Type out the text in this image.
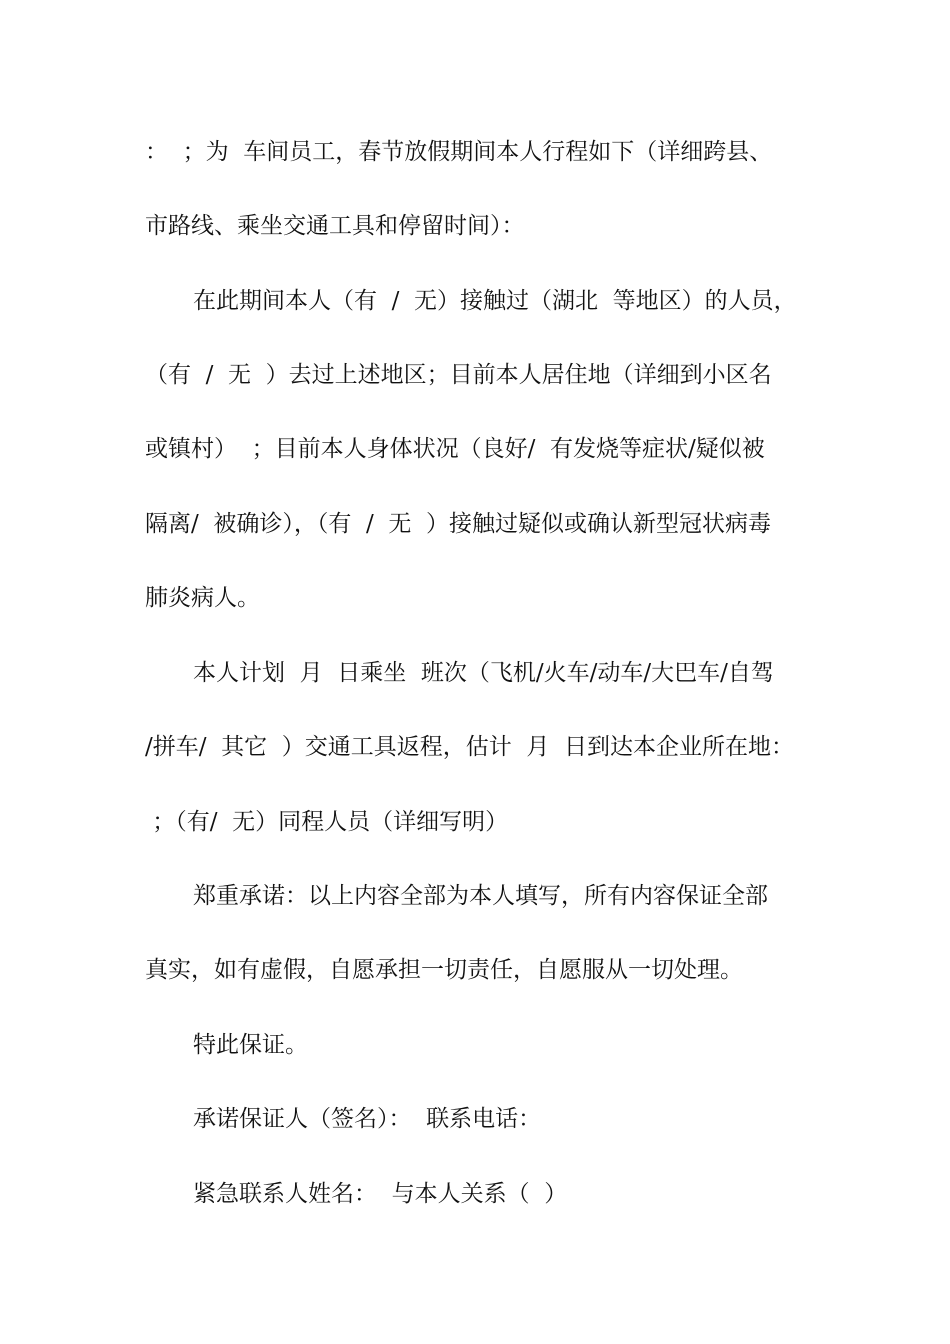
：  ；为  车间员工，春节放假期间本人行程如下（详细跨县、
市路线、乘坐交通工具和停留时间）：
在此期间本人（有  /  无）接触过（湖北  等地区）的人员，
（有  /  无  ）去过上述地区；目前本人居住地（详细到小区名
或镇村）  ；目前本人身体状况（良好/  有发烧等症状/疑似被
隔离/  被确诊），（有  /  无  ）接触过疑似或确认新型冠状病毒
肺炎病人。
本人计划  月  日乘坐  班次（飞机/火车/动车/大巴车/自驾
/拼车/  其它  ）交通工具返程，估计  月  日到达本企业所在地：
；（有/  无）同程人员（详细写明）
郑重承诺：以上内容全部为本人填写，所有内容保证全部
真实，如有虚假，自愿承担一切责任，自愿服从一切处理。
特此保证。
承诺保证人（签名）：  联系电话：
紧急联系人姓名：  与本人关系（  ）
